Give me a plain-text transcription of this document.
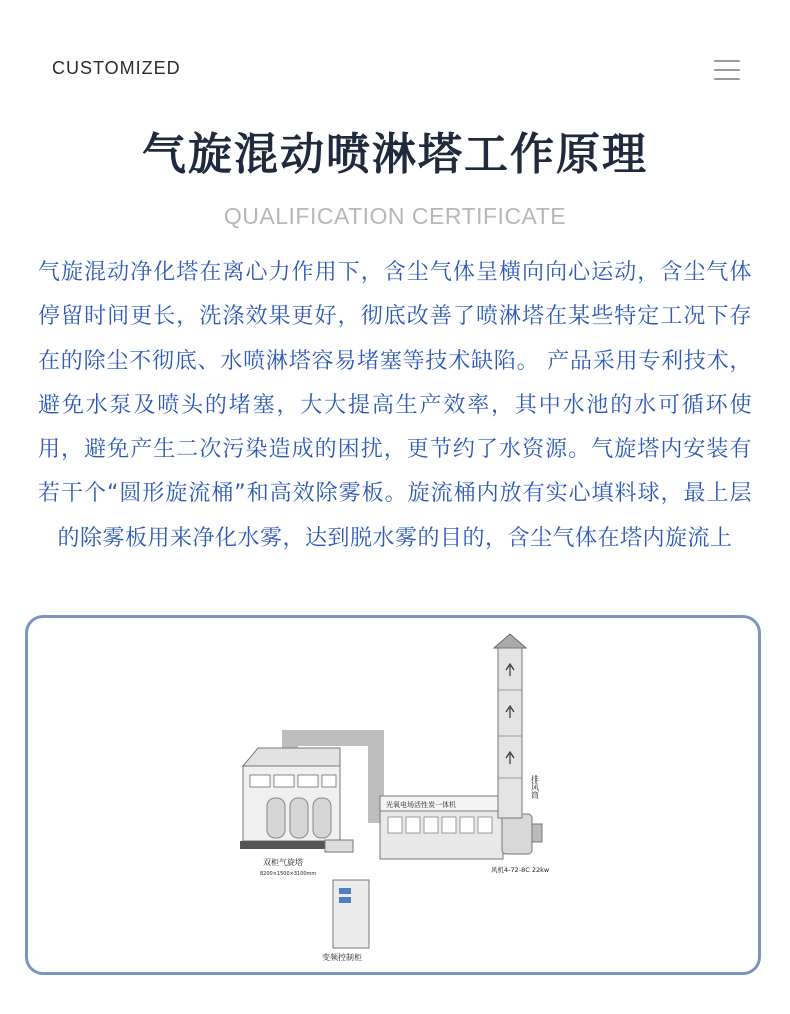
CUSTOMIZED
气旋混动喷淋塔工作原理
QUALIFICATION CERTIFICATE
气旋混动净化塔在离心力作用下，含尘气体呈横向向心运动，含尘气体停留时间更长，洗涤效果更好，彻底改善了喷淋塔在某些特定工况下存在的除尘不彻底、水喷淋塔容易堵塞等技术缺陷。 产品采用专利技术，避免水泵及喷头的堵塞，大大提高生产效率，其中水池的水可循环使用，避免产生二次污染造成的困扰，更节约了水资源。气旋塔内安装有若干个“圆形旋流桶”和高效除雾板。旋流桶内放有实心填料球，最上层的除雾板用来净化水雾，达到脱水雾的目的，含尘气体在塔内旋流上
双柜气旋塔
8200×1500×3100mm
光氧电场活性炭一体机
风机4-72-8C 22kw
排风筒
变频控制柜
